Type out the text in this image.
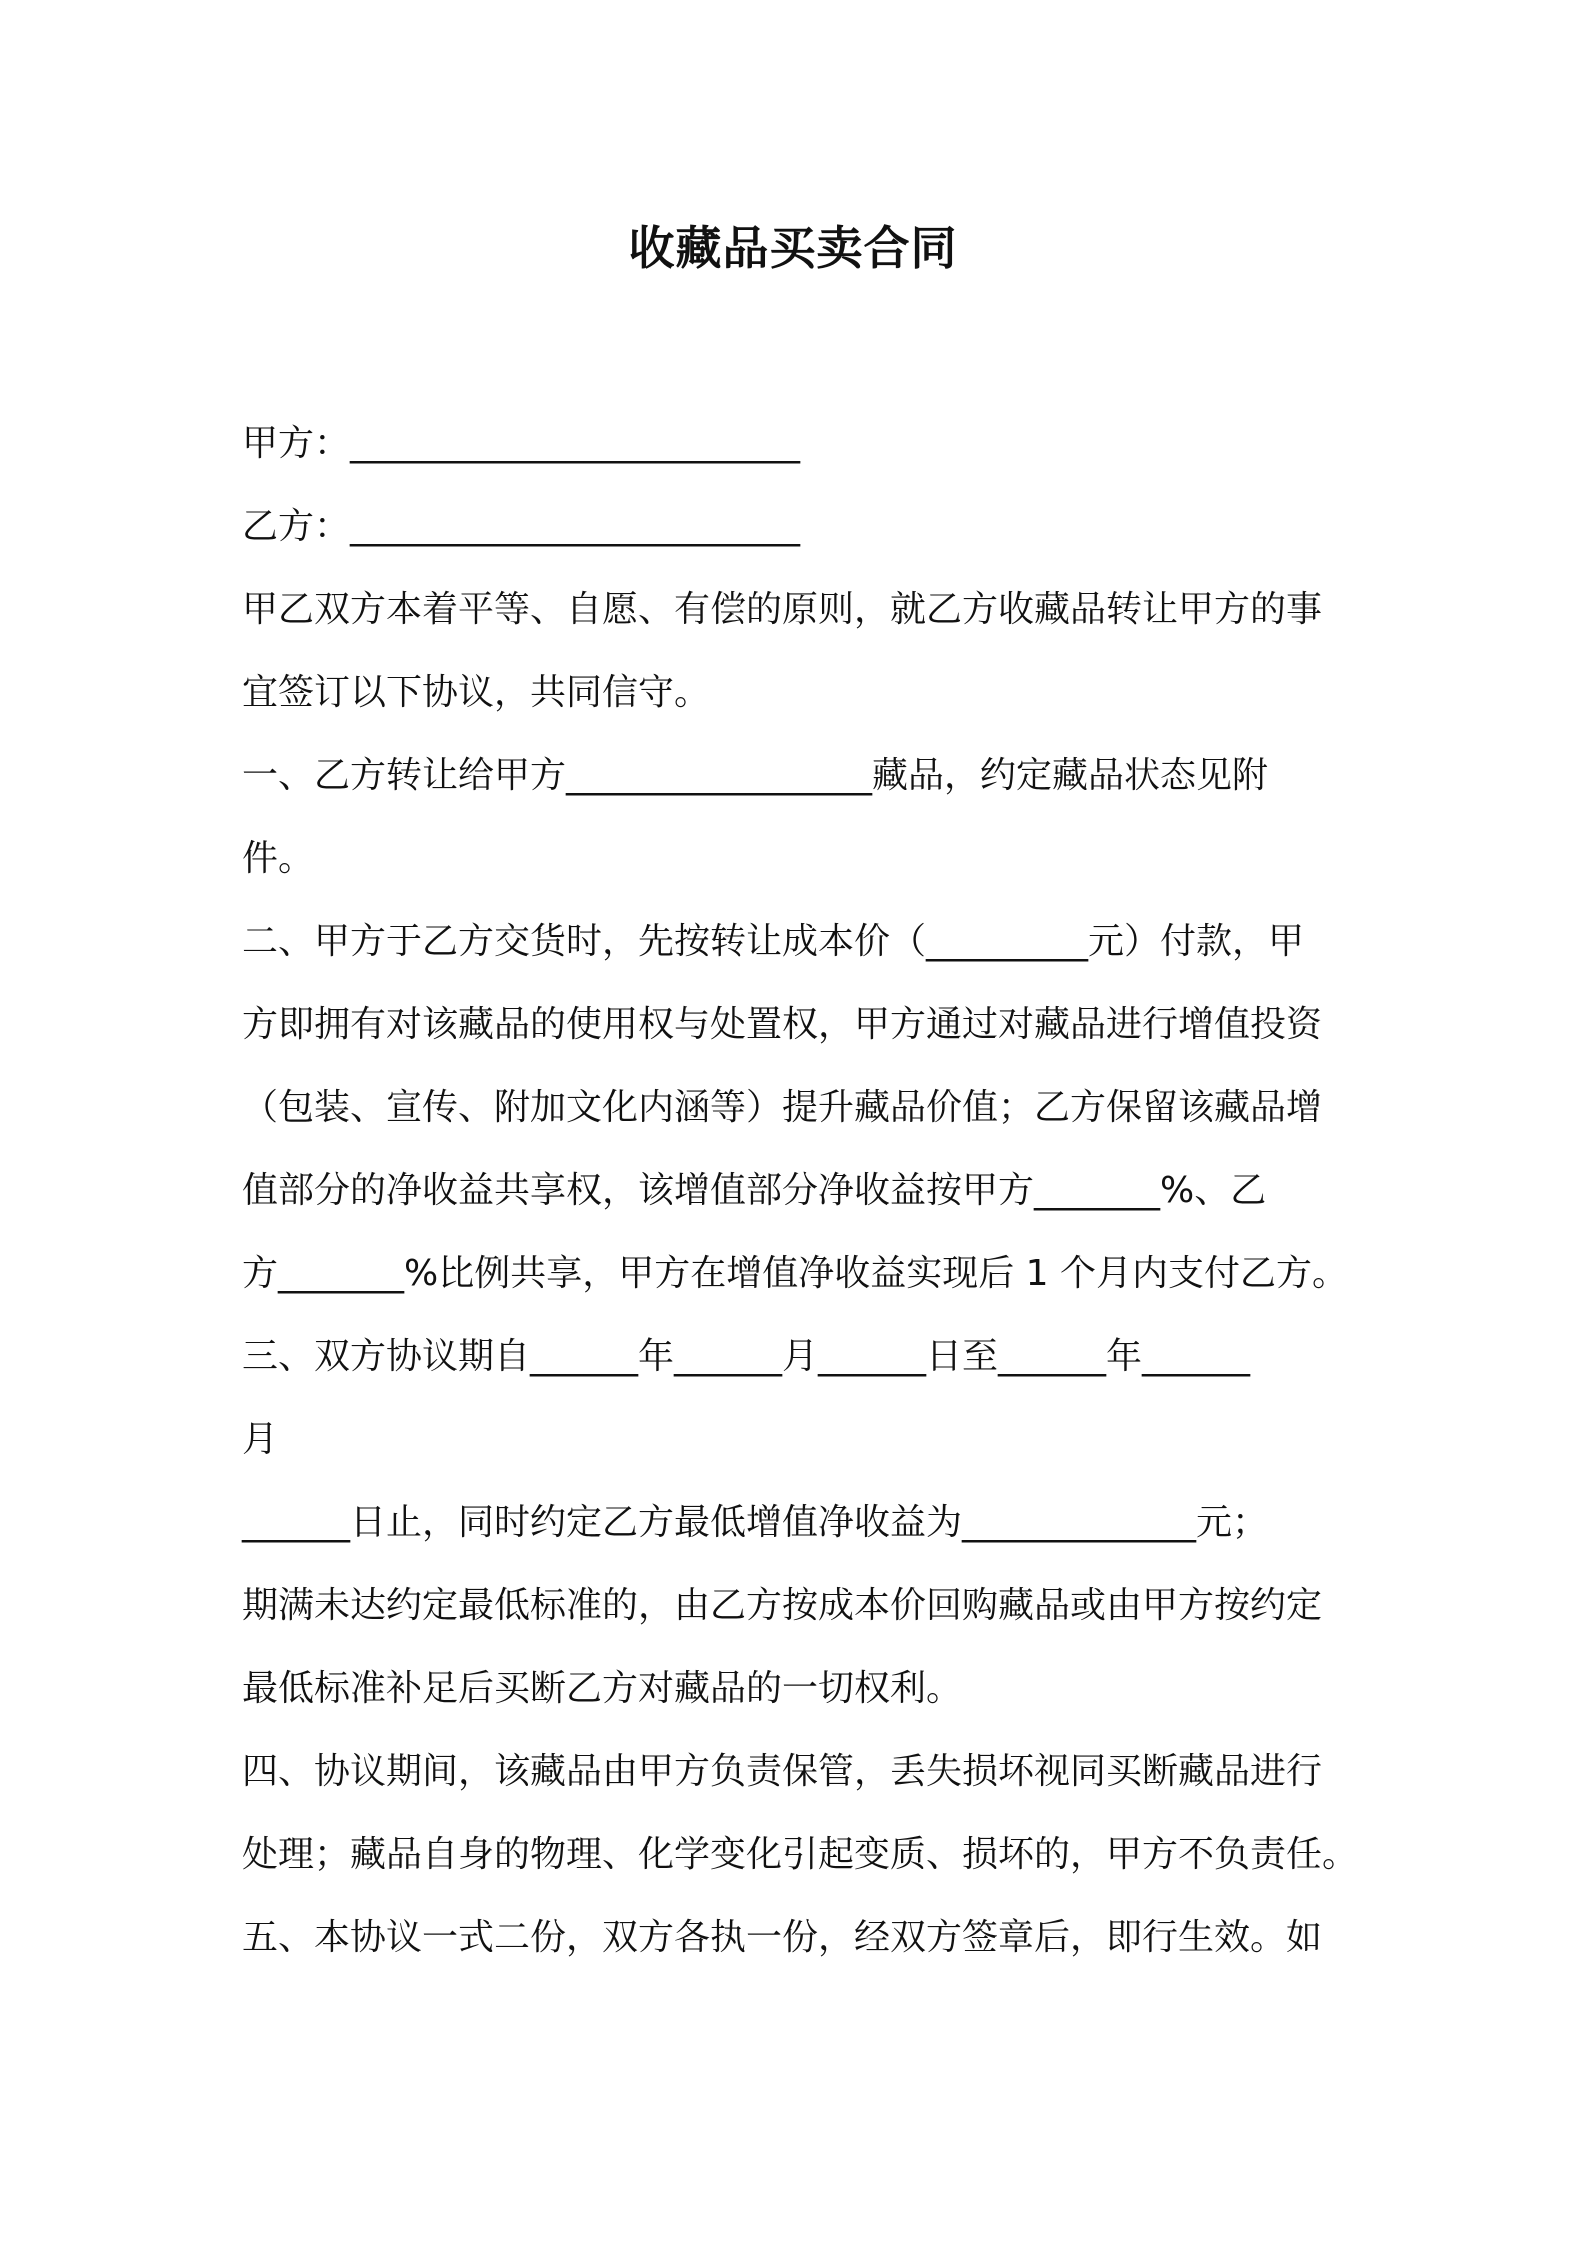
收藏品买卖合同
甲方：_________________________
乙方：_________________________
甲乙双方本着平等、自愿、有偿的原则，就乙方收藏品转让甲方的事
宜签订以下协议，共同信守。
一、乙方转让给甲方_________________藏品，约定藏品状态见附
件。
二、甲方于乙方交货时，先按转让成本价（_________元）付款，甲
方即拥有对该藏品的使用权与处置权，甲方通过对藏品进行增值投资
（包装、宣传、附加文化内涵等）提升藏品价值；乙方保留该藏品增
值部分的净收益共享权，该增值部分净收益按甲方_______%、乙
方_______%比例共享，甲方在增值净收益实现后 1 个月内支付乙方。
三、双方协议期自______年______月______日至______年______
月
______日止，同时约定乙方最低增值净收益为_____________元；
期满未达约定最低标准的，由乙方按成本价回购藏品或由甲方按约定
最低标准补足后买断乙方对藏品的一切权利。
四、协议期间，该藏品由甲方负责保管，丢失损坏视同买断藏品进行
处理；藏品自身的物理、化学变化引起变质、损坏的，甲方不负责任。
五、本协议一式二份，双方各执一份，经双方签章后，即行生效。如
